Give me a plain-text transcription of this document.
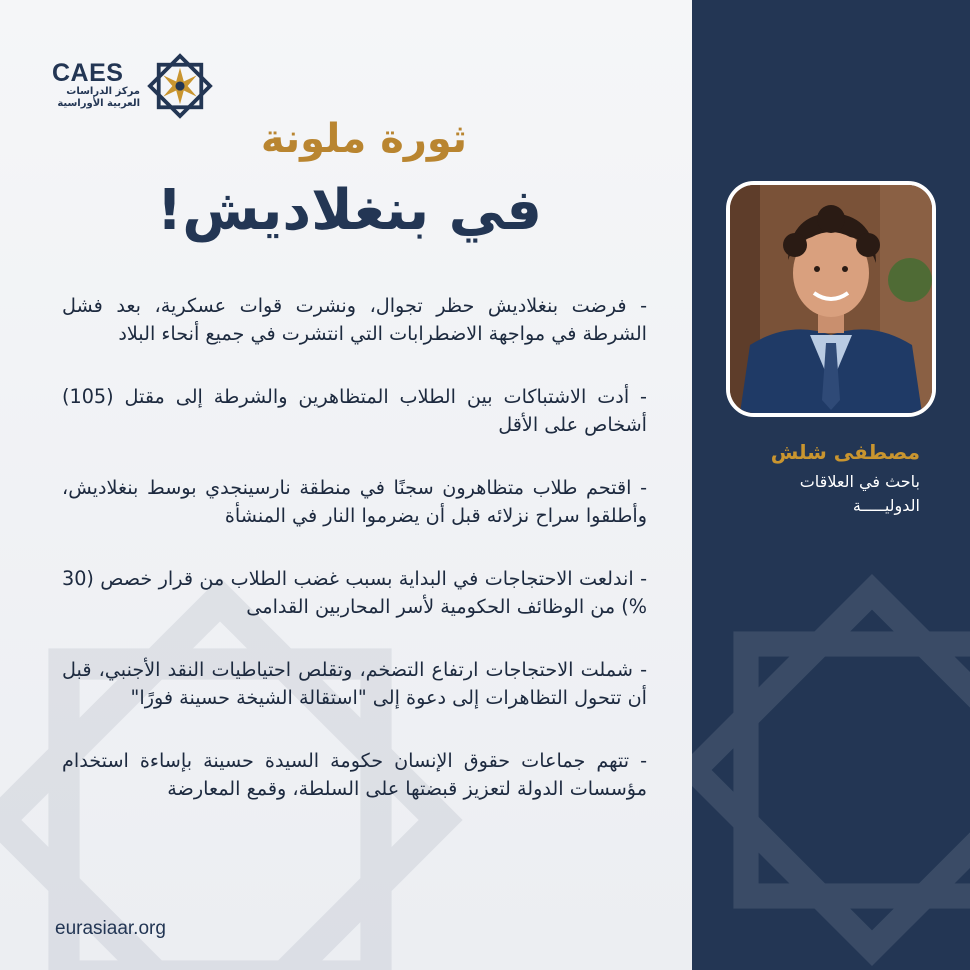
CAES
مركز الدراسات
العربية الأوراسية
ثورة ملونة
في بنغلاديش!

- فرضت بنغلاديش حظر تجوال، ونشرت قوات عسكرية، بعد فشل الشرطة في مواجهة الاضطرابات التي انتشرت في جميع أنحاء البلاد

- أدت الاشتباكات بين الطلاب المتظاهرين والشرطة إلى مقتل (105) أشخاص على الأقل

- اقتحم طلاب متظاهرون سجنًا في منطقة نارسينجدي بوسط بنغلاديش، وأطلقوا سراح نزلائه قبل أن يضرموا النار في المنشأة

- اندلعت الاحتجاجات في البداية بسبب غضب الطلاب من قرار خصص (30 %) من الوظائف الحكومية لأسر المحاربين القدامى

- شملت الاحتجاجات ارتفاع التضخم، وتقلص احتياطيات النقد الأجنبي، قبل أن تتحول التظاهرات إلى دعوة إلى "استقالة الشيخة حسينة فورًا"

- تتهم جماعات حقوق الإنسان حكومة السيدة حسينة بإساءة استخدام مؤسسات الدولة لتعزيز قبضتها على السلطة، وقمع المعارضة

eurasiaar.org
مصطفى شلش
باحث في العلاقات
الدوليـــــة
